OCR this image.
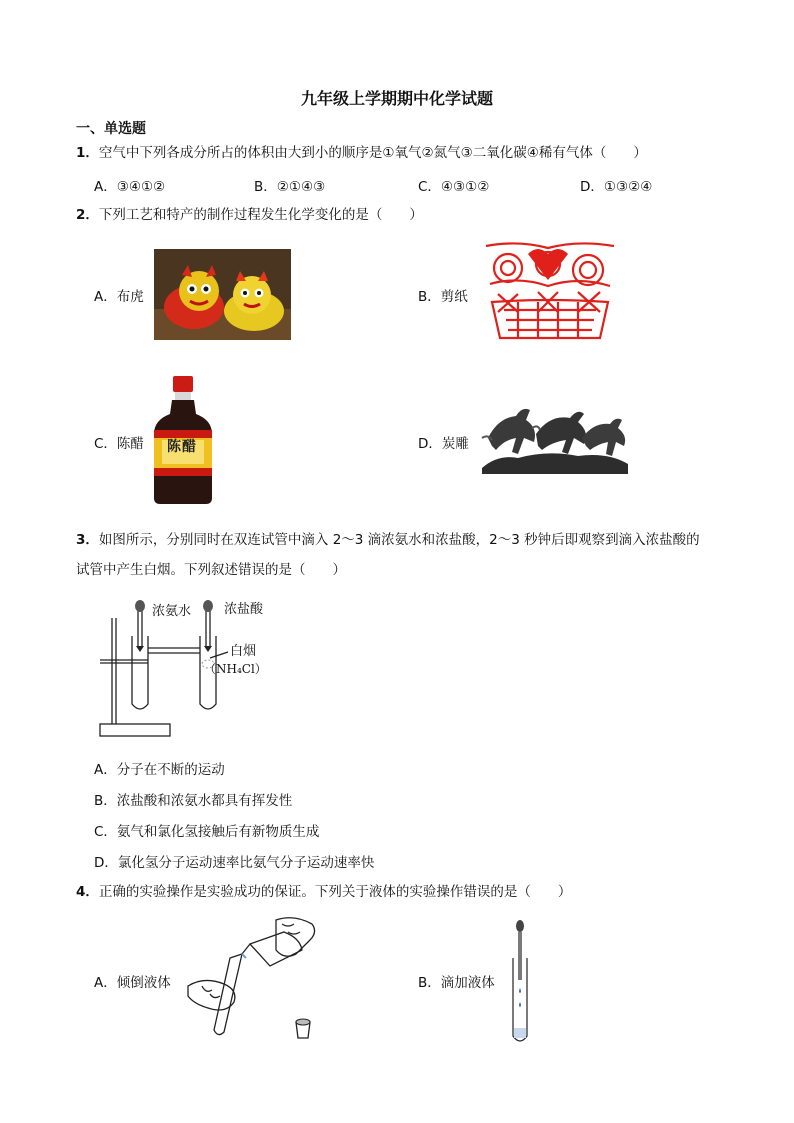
九年级上学期期中化学试题
一、单选题
1．空气中下列各成分所占的体积由大到小的顺序是①氧气②氮气③二氧化碳④稀有气体（　　）
A．③④①②	B．②①④③	C．④③①②	D．①③②④
2．下列工艺和特产的制作过程发生化学变化的是（　　）
A．布虎	B．剪纸
C．陈醋 陈醋	D．炭雕
3．如图所示，分别同时在双连试管中滴入 2～3 滴浓氨水和浓盐酸，2～3 秒钟后即观察到滴入浓盐酸的
试管中产生白烟。下列叙述错误的是（　　）
浓氨水	浓盐酸
白烟
（NH₄Cl）
A．分子在不断的运动
B．浓盐酸和浓氨水都具有挥发性
C．氨气和氯化氢接触后有新物质生成
D．氯化氢分子运动速率比氨气分子运动速率快
4．正确的实验操作是实验成功的保证。下列关于液体的实验操作错误的是（　　）
A．倾倒液体	B．滴加液体
